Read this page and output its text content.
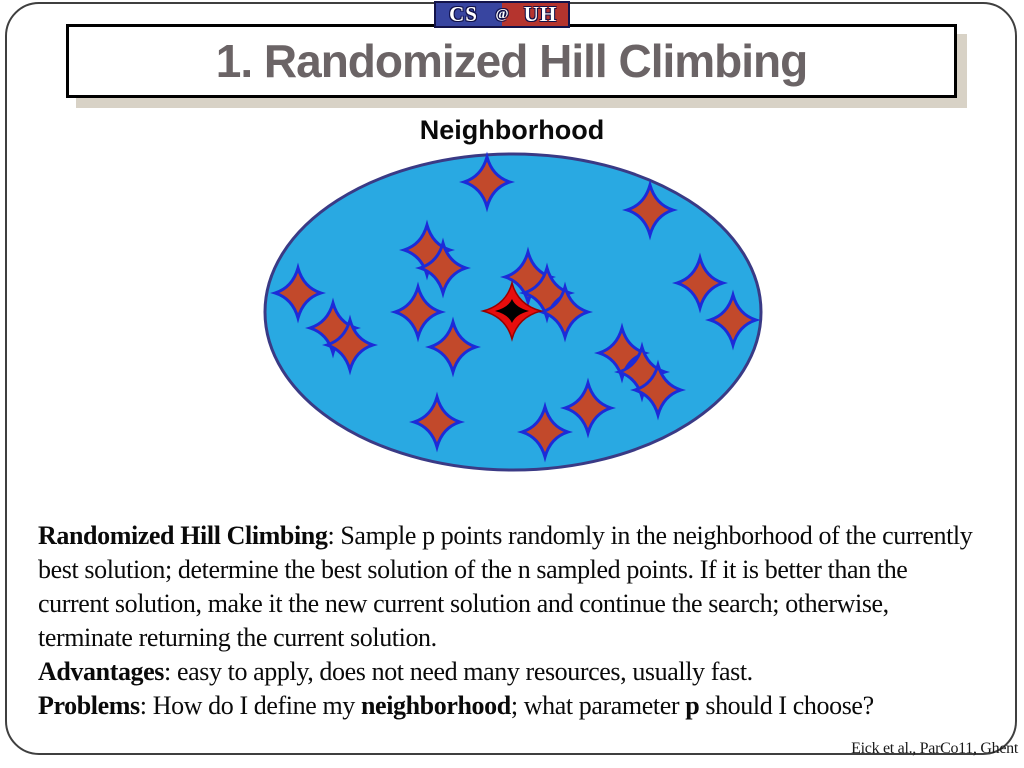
CS	@ UH
1. Randomized Hill Climbing
Neighborhood
Randomized Hill Climbing: Sample p points randomly in the neighborhood of the currently
best solution; determine the best solution of the n sampled points. If it is better than the
current solution, make it the new current solution and continue the search; otherwise,
terminate returning the current solution.
Advantages: easy to apply, does not need many resources, usually fast.
Problems: How do I define my neighborhood; what parameter p should I choose?
Eick et al., ParCo11, Ghent
